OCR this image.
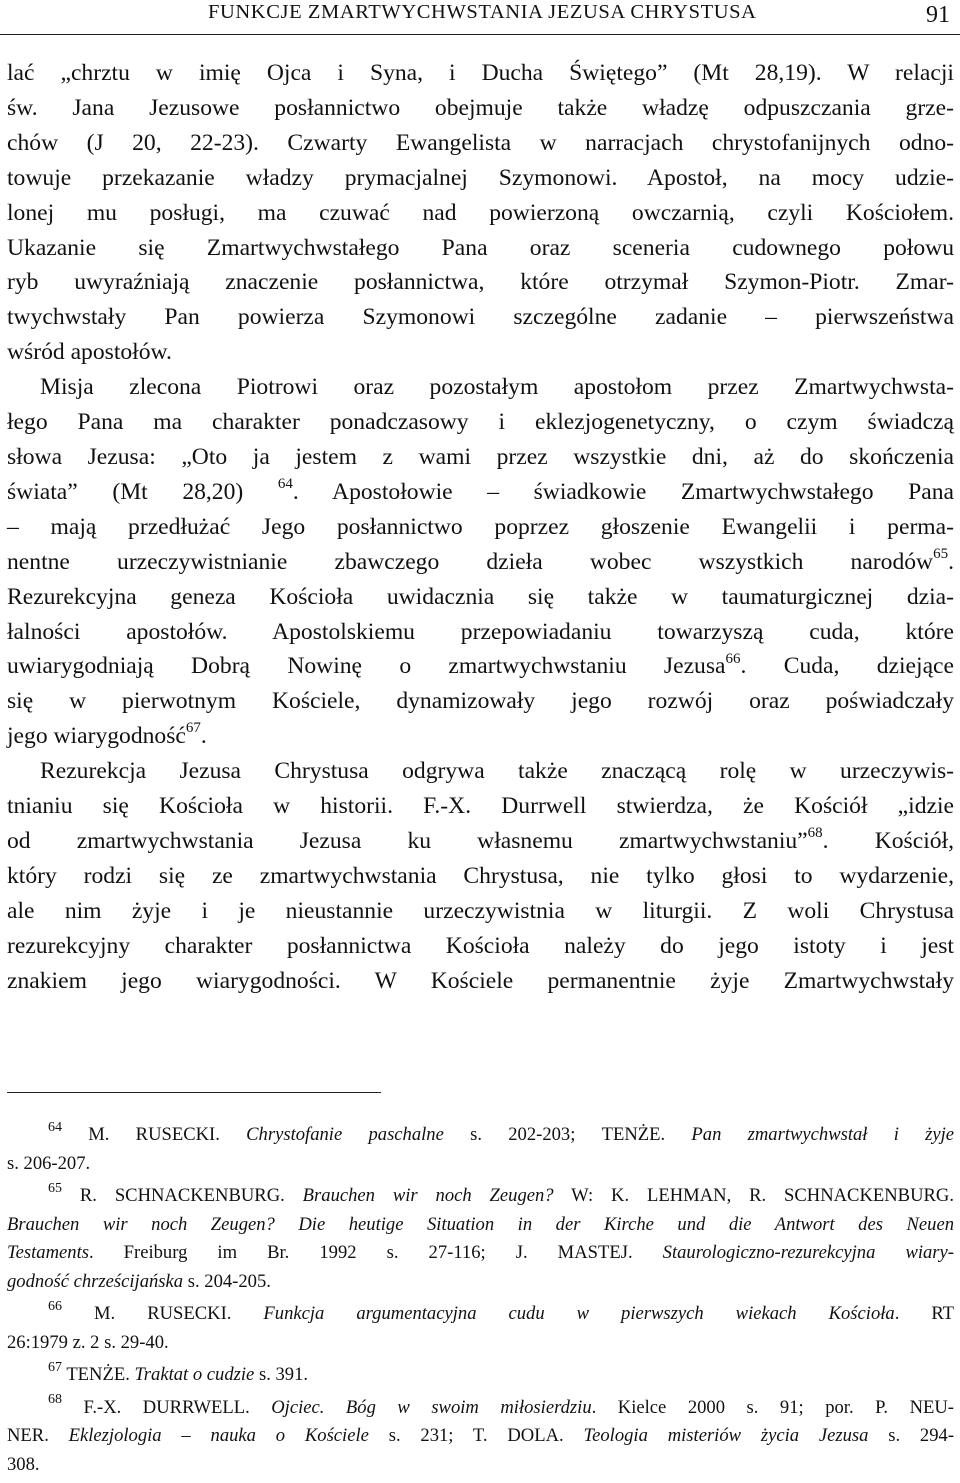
FUNKCJE ZMARTWYCHWSTANIA JEZUSA CHRYSTUSA	91

lać „chrztu w imię Ojca i Syna, i Ducha Świętego” (Mt 28,19). W relacji
św. Jana Jezusowe posłannictwo obejmuje także władzę odpuszczania grze-
chów (J 20, 22-23). Czwarty Ewangelista w narracjach chrystofanijnych odno-
towuje przekazanie władzy prymacjalnej Szymonowi. Apostoł, na mocy udzie-
lonej mu posługi, ma czuwać nad powierzoną owczarnią, czyli Kościołem.
Ukazanie się Zmartwychwstałego Pana oraz sceneria cudownego połowu
ryb uwyraźniają znaczenie posłannictwa, które otrzymał Szymon-Piotr. Zmar-
twychwstały Pan powierza Szymonowi szczególne zadanie – pierwszeństwa
wśród apostołów.

Misja zlecona Piotrowi oraz pozostałym apostołom przez Zmartwychwsta-
łego Pana ma charakter ponadczasowy i eklezjogenetyczny, o czym świadczą
słowa Jezusa: „Oto ja jestem z wami przez wszystkie dni, aż do skończenia
świata” (Mt 28,20) $^{64}$. Apostołowie – świadkowie Zmartwychwstałego Pana
– mają przedłużać Jego posłannictwo poprzez głoszenie Ewangelii i perma-
nentne urzeczywistnianie zbawczego dzieła wobec wszystkich narodów$^{65}$.
Rezurekcyjna geneza Kościoła uwidacznia się także w taumaturgicznej dzia-
łalności apostołów. Apostolskiemu przepowiadaniu towarzyszą cuda, które
uwiarygodniają Dobrą Nowinę o zmartwychwstaniu Jezusa$^{66}$. Cuda, dziejące
się w pierwotnym Kościele, dynamizowały jego rozwój oraz poświadczały
jego wiarygodność$^{67}$.

Rezurekcja Jezusa Chrystusa odgrywa także znaczącą rolę w urzeczywis-
tnianiu się Kościoła w historii. F.-X. Durrwell stwierdza, że Kościół „idzie
od zmartwychwstania Jezusa ku własnemu zmartwychwstaniu”$^{68}$. Kościół,
który rodzi się ze zmartwychwstania Chrystusa, nie tylko głosi to wydarzenie,
ale nim żyje i je nieustannie urzeczywistnia w liturgii. Z woli Chrystusa
rezurekcyjny charakter posłannictwa Kościoła należy do jego istoty i jest
znakiem jego wiarygodności. W Kościele permanentnie żyje Zmartwychwstały

$^{64}$ M. RUSECKI. Chrystofanie paschalne s. 202-203; TENŻE. Pan zmartwychwstał i żyje
s. 206-207.
$^{65}$ R. SCHNACKENBURG. Brauchen wir noch Zeugen? W: K. LEHMAN, R. SCHNACKENBURG.
Brauchen wir noch Zeugen? Die heutige Situation in der Kirche und die Antwort des Neuen
Testaments. Freiburg im Br. 1992 s. 27-116; J. MASTEJ. Staurologiczno-rezurekcyjna wiary-
godność chrześcijańska s. 204-205.
$^{66}$ M. RUSECKI. Funkcja argumentacyjna cudu w pierwszych wiekach Kościoła. RT
26:1979 z. 2 s. 29-40.
$^{67}$ TENŻE. Traktat o cudzie s. 391.
$^{68}$ F.-X. DURRWELL. Ojciec. Bóg w swoim miłosierdziu. Kielce 2000 s. 91; por. P. NEU-
NER. Eklezjologia – nauka o Kościele s. 231; T. DOLA. Teologia misteriów życia Jezusa s. 294-
308.
